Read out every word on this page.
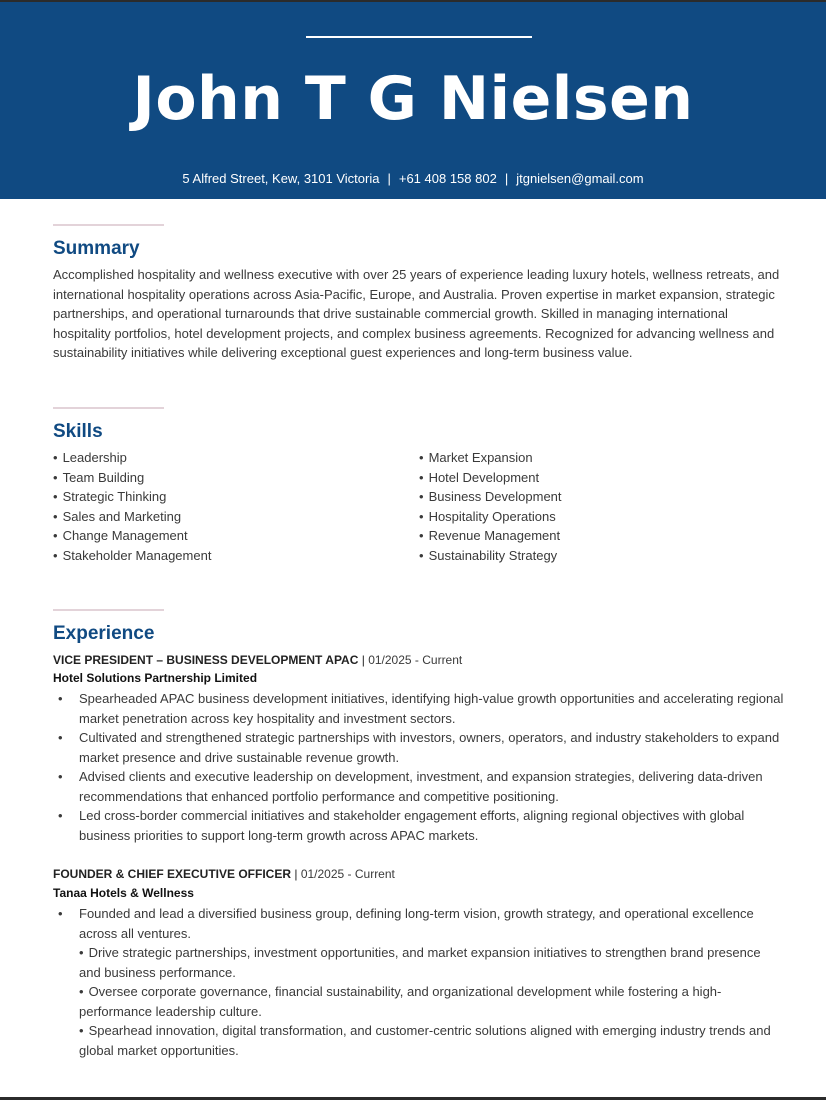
John T G Nielsen
5 Alfred Street, Kew, 3101 Victoria | +61 408 158 802 | jtgnielsen@gmail.com
Summary

Accomplished hospitality and wellness executive with over 25 years of experience leading luxury hotels, wellness retreats, and international hospitality operations across Asia-Pacific, Europe, and Australia. Proven expertise in market expansion, strategic partnerships, and operational turnarounds that drive sustainable commercial growth. Skilled in managing international hospitality portfolios, hotel development projects, and complex business agreements. Recognized for advancing wellness and sustainability initiatives while delivering exceptional guest experiences and long-term business value.

Skills
• Leadership
• Team Building
• Strategic Thinking
• Sales and Marketing
• Change Management
• Stakeholder Management
• Market Expansion
• Hotel Development
• Business Development
• Hospitality Operations
• Revenue Management
• Sustainability Strategy
Experience
VICE PRESIDENT – BUSINESS DEVELOPMENT APAC | 01/2025 - Current
Hotel Solutions Partnership Limited
• Spearheaded APAC business development initiatives, identifying high-value growth opportunities and accelerating regional market penetration across key hospitality and investment sectors.
• Cultivated and strengthened strategic partnerships with investors, owners, operators, and industry stakeholders to expand market presence and drive sustainable revenue growth.
• Advised clients and executive leadership on development, investment, and expansion strategies, delivering data-driven recommendations that enhanced portfolio performance and competitive positioning.
• Led cross-border commercial initiatives and stakeholder engagement efforts, aligning regional objectives with global business priorities to support long-term growth across APAC markets.
FOUNDER & CHIEF EXECUTIVE OFFICER | 01/2025 - Current
Tanaa Hotels & Wellness
• Founded and lead a diversified business group, defining long-term vision, growth strategy, and operational excellence across all ventures.
• Drive strategic partnerships, investment opportunities, and market expansion initiatives to strengthen brand presence and business performance.
• Oversee corporate governance, financial sustainability, and organizational development while fostering a high-performance leadership culture.
• Spearhead innovation, digital transformation, and customer-centric solutions aligned with emerging industry trends and global market opportunities.
